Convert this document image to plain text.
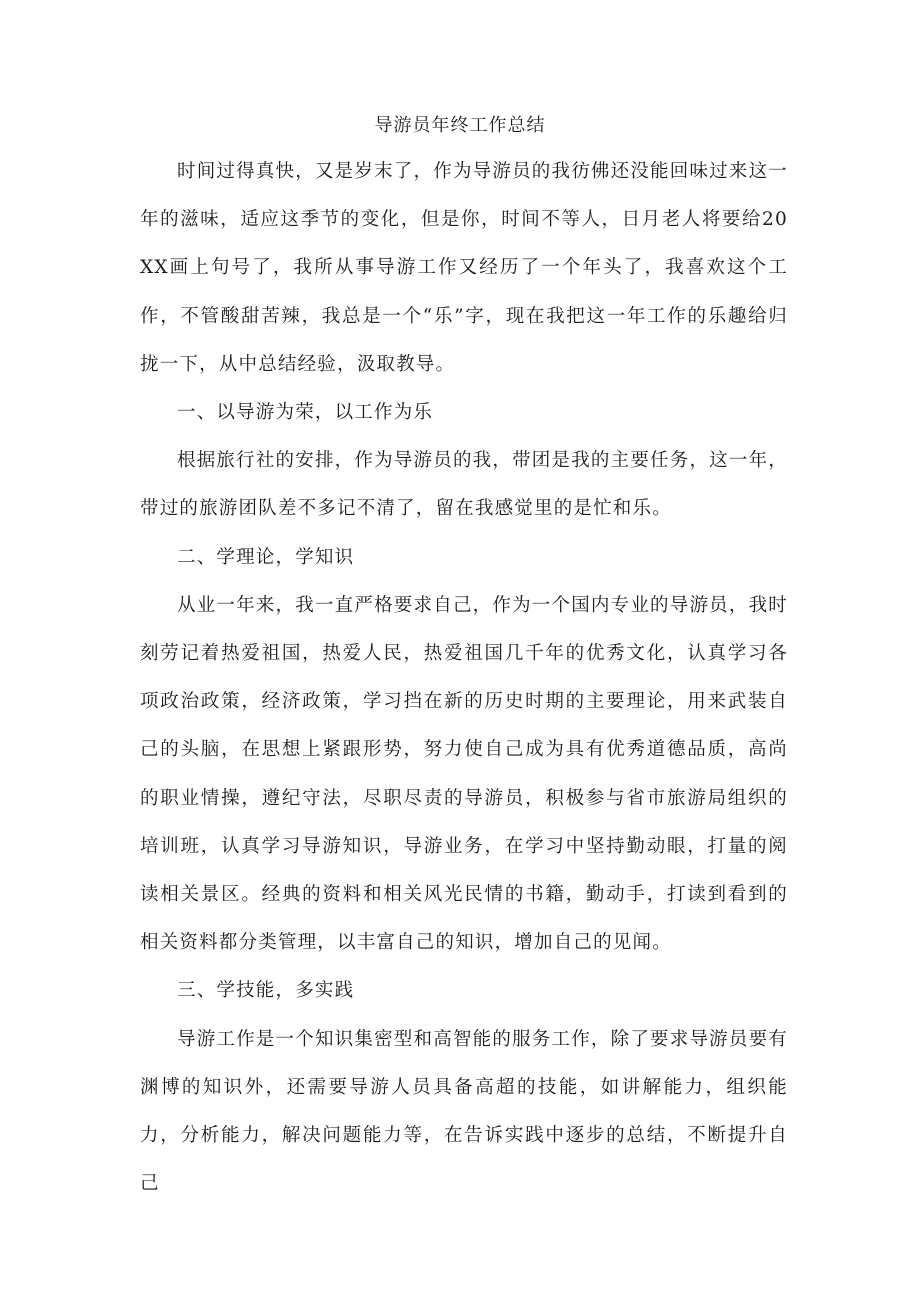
导游员年终工作总结

时间过得真快，又是岁末了，作为导游员的我彷佛还没能回味过来这一年的滋味，适应这季节的变化，但是你，时间不等人，日月老人将要给20XX画上句号了，我所从事导游工作又经历了一个年头了，我喜欢这个工作，不管酸甜苦辣，我总是一个“乐”字，现在我把这一年工作的乐趣给归拢一下，从中总结经验，汲取教导。

一、以导游为荣，以工作为乐

根据旅行社的安排，作为导游员的我，带团是我的主要任务，这一年，带过的旅游团队差不多记不清了，留在我感觉里的是忙和乐。

二、学理论，学知识

从业一年来，我一直严格要求自己，作为一个国内专业的导游员，我时刻劳记着热爱祖国，热爱人民，热爱祖国几千年的优秀文化，认真学习各项政治政策，经济政策，学习挡在新的历史时期的主要理论，用来武装自己的头脑，在思想上紧跟形势，努力使自己成为具有优秀道德品质，高尚的职业情操，遵纪守法，尽职尽责的导游员，积极参与省市旅游局组织的培训班，认真学习导游知识，导游业务，在学习中坚持勤动眼，打量的阅读相关景区。经典的资料和相关风光民情的书籍，勤动手，打读到看到的相关资料都分类管理，以丰富自己的知识，增加自己的见闻。

三、学技能，多实践

导游工作是一个知识集密型和高智能的服务工作，除了要求导游员要有渊博的知识外，还需要导游人员具备高超的技能，如讲解能力，组织能力，分析能力，解决问题能力等，在告诉实践中逐步的总结，不断提升自己
